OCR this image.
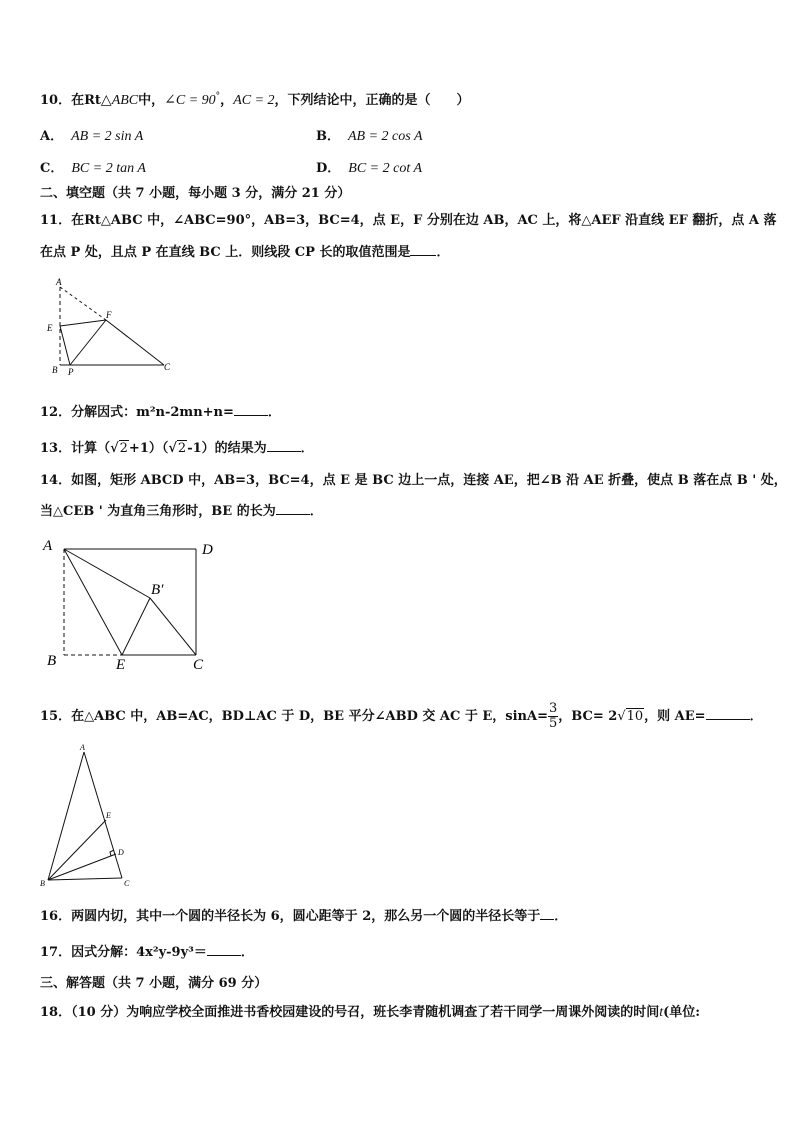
10．在Rt△ABC中，∠C = 90°，AC = 2，下列结论中，正确的是（　　）
A． AB = 2 sin A	B． AB = 2 cos A
C． BC = 2 tan A	D． BC = 2 cot A
二、填空题（共 7 小题，每小题 3 分，满分 21 分）
11．在Rt△ABC 中，∠ABC=90°，AB=3，BC=4，点 E，F 分别在边 AB，AC 上，将△AEF 沿直线 EF 翻折，点 A 落
在点 P 处，且点 P 在直线 BC 上．则线段 CP 长的取值范围是 ．
A
E
F
B P	C
12．分解因式：m²n-2mn+n=	．
13．计算（√2+1）（√2-1）的结果为	．
14．如图，矩形 ABCD 中，AB=3，BC=4，点 E 是 BC 边上一点，连接 AE，把∠B 沿 AE 折叠，使点 B 落在点 B ' 处，
当△CEB ' 为直角三角形时，BE 的长为	．
A	D
B′
B	E	C
15．在△ABC 中，AB=AC，BD⊥AC 于 D，BE 平分∠ABD 交 AC 于 E，$\sin A= \frac{3}{5}$ ，BC= 2√10，则 AE=	．
A
E
D
B	C
16．两圆内切，其中一个圆的半径长为 6，圆心距等于 2，那么另一个圆的半径长等于 ．
17．因式分解：4x²y-9y³＝	．
三、解答题（共 7 小题，满分 69 分）
18．（10 分）为响应学校全面推进书香校园建设的号召，班长李青随机调查了若干同学一周课外阅读的时间t(单位:
